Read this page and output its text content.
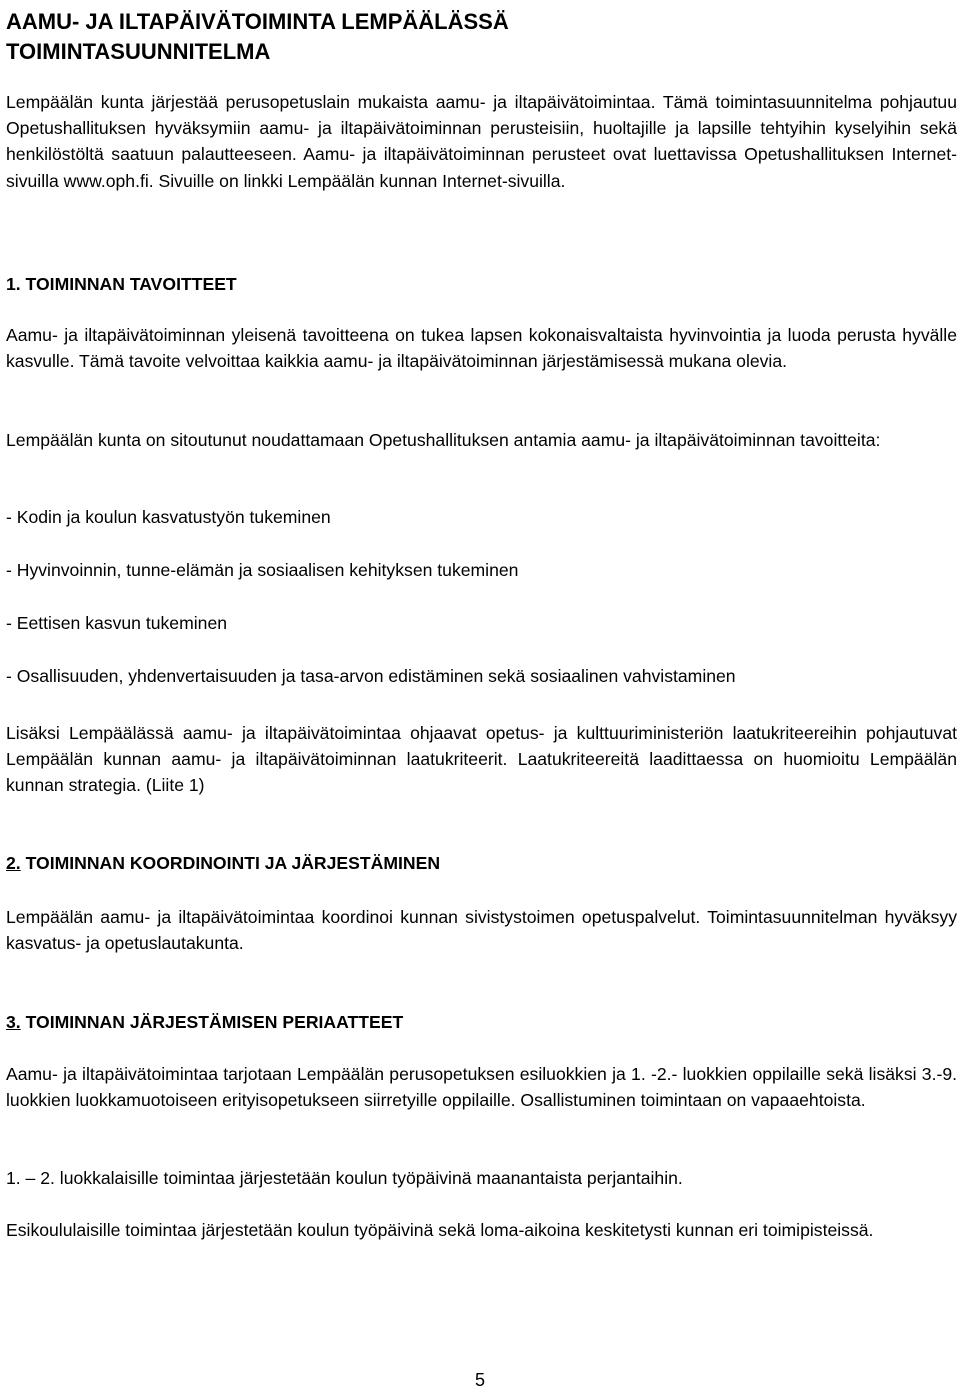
AAMU- JA ILTAPÄIVÄTOIMINTA LEMPÄÄLÄSSÄ
TOIMINTASUUNNITELMA

Lempäälän kunta järjestää perusopetuslain mukaista aamu- ja iltapäivätoimintaa. Tämä toimintasuunnitelma pohjautuu Opetushallituksen hyväksymiin aamu- ja iltapäivätoiminnan perusteisiin, huoltajille ja lapsille tehtyihin kyselyihin sekä henkilöstöltä saatuun palautteeseen. Aamu- ja iltapäivätoiminnan perusteet ovat luettavissa Opetushallituksen Internet-sivuilla www.oph.fi. Sivuille on linkki Lempäälän kunnan Internet-sivuilla.

1. TOIMINNAN TAVOITTEET

Aamu- ja iltapäivätoiminnan yleisenä tavoitteena on tukea lapsen kokonaisvaltaista hyvinvointia ja luoda perusta hyvälle kasvulle. Tämä tavoite velvoittaa kaikkia aamu- ja iltapäivätoiminnan järjestämisessä mukana olevia.

Lempäälän kunta on sitoutunut noudattamaan Opetushallituksen antamia aamu- ja iltapäivätoiminnan tavoitteita:

- Kodin ja koulun kasvatustyön tukeminen

- Hyvinvoinnin, tunne-elämän ja sosiaalisen kehityksen tukeminen

- Eettisen kasvun tukeminen

- Osallisuuden, yhdenvertaisuuden ja tasa-arvon edistäminen sekä sosiaalinen vahvistaminen

Lisäksi Lempäälässä aamu- ja iltapäivätoimintaa ohjaavat opetus- ja kulttuuriministeriön laatukriteereihin pohjautuvat Lempäälän kunnan aamu- ja iltapäivätoiminnan laatukriteerit. Laatukriteereitä laadittaessa on huomioitu Lempäälän kunnan strategia. (Liite 1)

2. TOIMINNAN KOORDINOINTI JA JÄRJESTÄMINEN

Lempäälän aamu- ja iltapäivätoimintaa koordinoi kunnan sivistystoimen opetuspalvelut. Toimintasuunnitelman hyväksyy kasvatus- ja opetuslautakunta.

3. TOIMINNAN JÄRJESTÄMISEN PERIAATTEET

Aamu- ja iltapäivätoimintaa tarjotaan Lempäälän perusopetuksen esiluokkien ja 1. -2.- luokkien oppilaille sekä lisäksi 3.-9. luokkien luokkamuotoiseen erityisopetukseen siirretyille oppilaille. Osallistuminen toimintaan on vapaaehtoista.

1. – 2. luokkalaisille toimintaa järjestetään koulun työpäivinä maanantaista perjantaihin.

Esikoululaisille toimintaa järjestetään koulun työpäivinä sekä loma-aikoina keskitetysti kunnan eri toimipisteissä.

5
